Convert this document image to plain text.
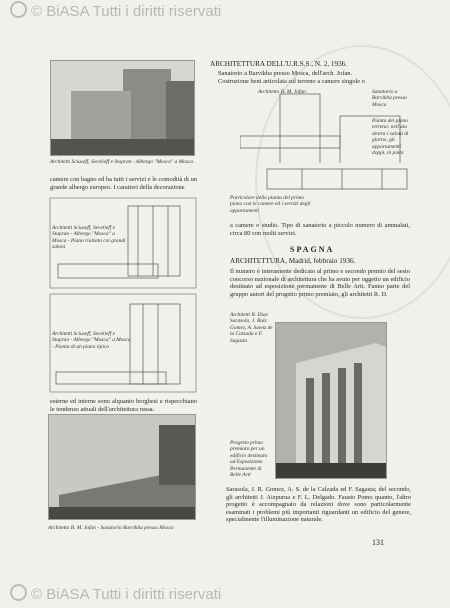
© BiASA Tutti i diritti riservati
Architetti Sciuseff, Sevelieff e Stapran - Albergo "Mosca" a Mosca
camere con bagno ed ha tutti i servizi e le comodità di un grande albergo europeo. I caratteri della decorazione
Architetti Sciuseff, Sevelieff e Stapran - Albergo "Mosca" a Mosca - Piano rialzato coi grandi saloni
Architetti Sciuseff, Sevelieff e Stapran - Albergo "Mosca" a Mosca - Pianta di un piano tipico
esterne ed interne sono alquanto borghesi e rispecchiano le tendenze attuali dell'architettura russa.
Architetto B. M. Jofan - Sanatorio Barvikha presso Mosca
ARCHITETTURA DELL'U.R.S.S., N. 2, 1936.
Sanatorio a Barvikha presso Mosca, dell'arch. Jofan.
Costruzione beni articolata sul terreno a camere singole o
Architetto B. M. Jofan	Sanatorio a Barvikha presso Mosca
Pianta del piano terreno: nell'ala destra i saloni di giorno, gli appartamenti doppi, in piani
Particolare della pianta del primo piano con le camere ed i servizi degli appartamenti
a camere o studio. Tipo di sanatorio a piccolo numero di ammalati, circa 80 con molti servizi.
SPAGNA
ARCHITETTURA, Madrid, febbraio 1936.
Il numero è interamente dedicato al primo e secondo premio del sesto concorso nazionale di architettura che ha avuto per oggetto un edificio destinato ad esposizione permanente di Belle Arti. Fanno parte del gruppo autori del progetto primo premiato, gli architetti R. D.
Architetti R. Diaz Sarasola, J. Ruiz Gomez, A. Saenz de la Calzada e F. Sagasta
Progetto primo premiato per un edificio destinato ad Esposizione Permanente di Belle Arti
Sarasola, J. R. Gomez, A. S. de la Calzada ed F. Sagasta; del secondo, gli architetti J. Aizpurua e F. L. Delgado. Fausto Pomo quanto, l'altro progetto è accompagnato da relazioni dove sono particolarmente esaminati i problemi più importanti riguardanti un edificio del genere, specialmente l'illuminazione naturale.
131
© BiASA Tutti i diritti riservati
